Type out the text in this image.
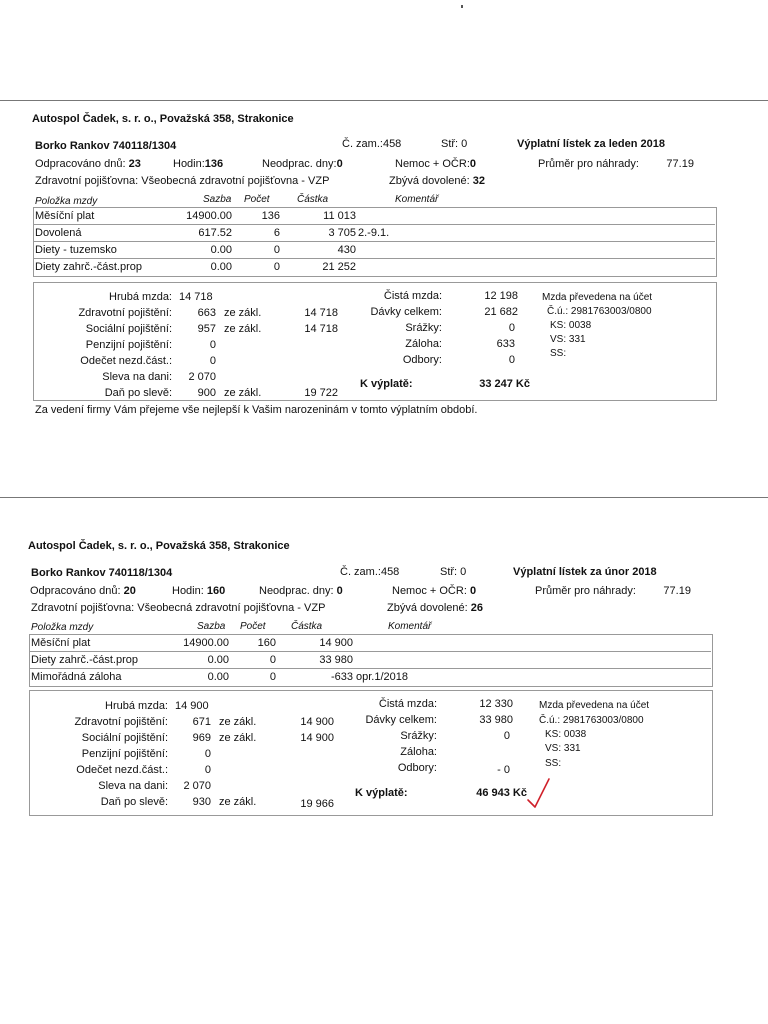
Autospol Čadek, s. r. o., Považská 358, Strakonice
Borko Rankov 740118/1304	Č. zam.:458	Stř: 0	Výplatní lístek za leden 2018
Odpracováno dnů: 23	Hodin:136	Neodprac. dny:0	Nemoc + OČR:0	Průměr pro náhrady:	77.19
Zdravotní pojišťovna: Všeobecná zdravotní pojišťovna - VZP	Zbývá dovolené: 32
Položka mzdy	Sazba Počet	Částka	Komentář
Měsíční plat	14900.00	136	11 013
Dovolená	617.52	6	3 705 2.-9.1.
Diety - tuzemsko	0.00	0	430
Diety zahrč.-část.prop	0.00	0	21 252
Hrubá mzda: 14 718
Zdravotní pojištění:	663 ze zákl.	14 718
Sociální pojištění:	957 ze zákl.	14 718
Penzijní pojištění:	0
Odečet nezd.část.:	0
Sleva na dani:	2 070
Daň po slevě:	900 ze zákl.	19 722
Čistá mzda:	12 198
Dávky celkem:	21 682
Srážky:	0
Záloha:	633
Odbory:	0
K výplatě:	33 247 Kč
Mzda převedena na účet
Č.ú.: 2981763003/0800
KS: 0038
VS: 331
SS:
Za vedení firmy Vám přejeme vše nejlepší k Vašim narozeninám v tomto výplatním období.
Autospol Čadek, s. r. o., Považská 358, Strakonice
Borko Rankov 740118/1304	Č. zam.:458	Stř: 0	Výplatní lístek za únor 2018
Odpracováno dnů: 20	Hodin: 160	Neodprac. dny: 0	Nemoc + OČR: 0	Průměr pro náhrady:	77.19
Zdravotní pojišťovna: Všeobecná zdravotní pojišťovna - VZP	Zbývá dovolené: 26
Položka mzdy	Sazba Počet	Částka	Komentář
Měsíční plat	14900.00	160	14 900
Diety zahrč.-část.prop	0.00	0	33 980
Mimořádná záloha	0.00	0	-633 opr.1/2018
Hrubá mzda: 14 900
Zdravotní pojištění:	671 ze zákl.	14 900
Sociální pojištění:	969 ze zákl.	14 900
Penzijní pojištění:	0
Odečet nezd.část.:	0
Sleva na dani:	2 070
Daň po slevě:	930 ze zákl.	19 966
Čistá mzda:	12 330
Dávky celkem:	33 980
Srážky:	0
Záloha:
Odbory:	- 0
K výplatě:	46 943 Kč
Mzda převedena na účet
Č.ú.: 2981763003/0800
KS: 0038
VS: 331
SS:
